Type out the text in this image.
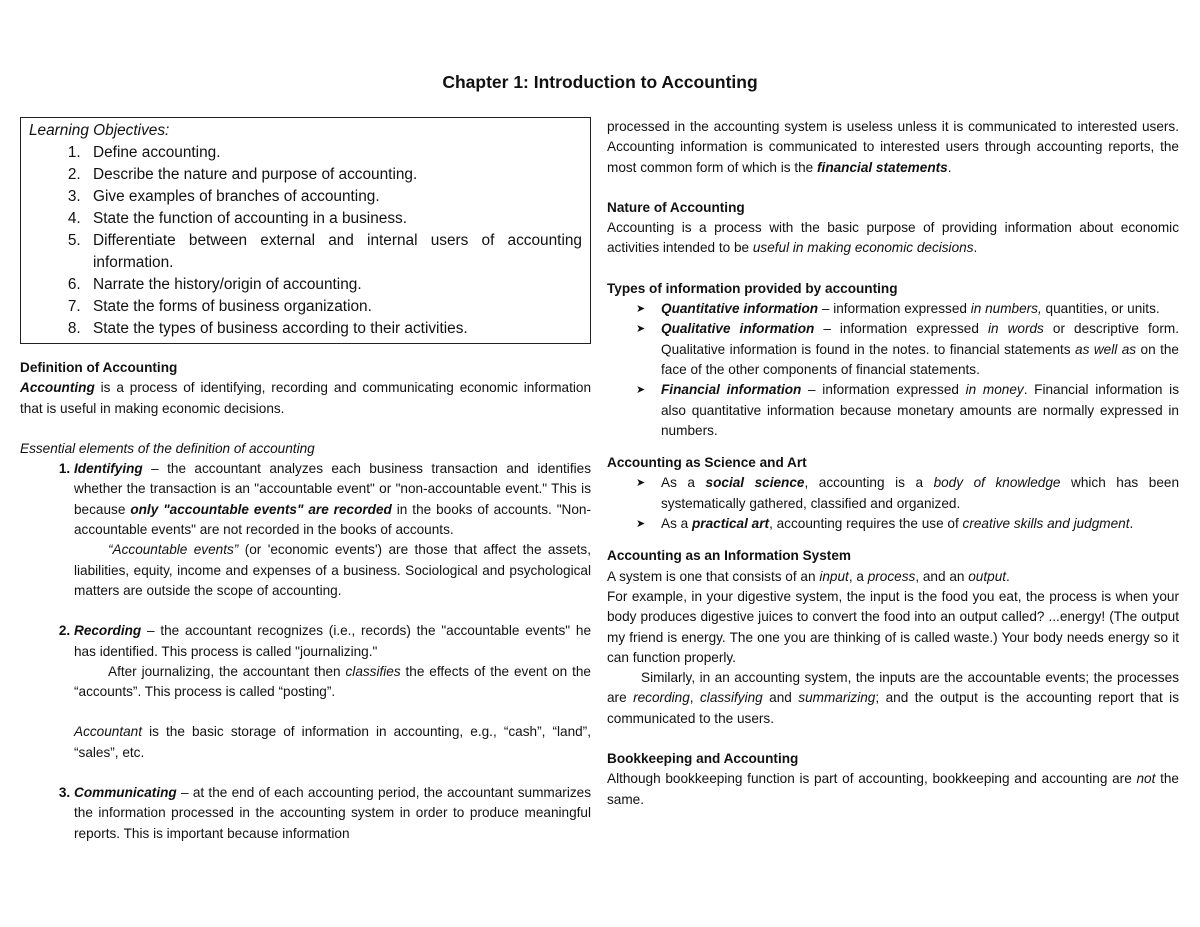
Chapter 1: Introduction to Accounting
Learning Objectives:
1. Define accounting.
2. Describe the nature and purpose of accounting.
3. Give examples of branches of accounting.
4. State the function of accounting in a business.
5. Differentiate between external and internal users of accounting information.
6. Narrate the history/origin of accounting.
7. State the forms of business organization.
8. State the types of business according to their activities.

Definition of Accounting

Accounting is a process of identifying, recording and communicating economic information that is useful in making economic decisions.

Essential elements of the definition of accounting

1. Identifying – the accountant analyzes each business transaction and identifies whether the transaction is an "accountable event" or "non-accountable event." This is because only "accountable events" are recorded in the books of accounts. "Non-accountable events" are not recorded in the books of accounts.

“Accountable events” (or 'economic events') are those that affect the assets, liabilities, equity, income and expenses of a business. Sociological and psychological matters are outside the scope of accounting.

2. Recording – the accountant recognizes (i.e., records) the "accountable events" he has identified. This process is called "journalizing."

After journalizing, the accountant then classifies the effects of the event on the “accounts”. This process is called “posting”.

Accountant is the basic storage of information in accounting, e.g., “cash”, “land”, “sales”, etc.

3. Communicating – at the end of each accounting period, the accountant summarizes the information processed in the accounting system in order to produce meaningful reports. This is important because information

processed in the accounting system is useless unless it is communicated to interested users. Accounting information is communicated to interested users through accounting reports, the most common form of which is the financial statements.

Nature of Accounting

Accounting is a process with the basic purpose of providing information about economic activities intended to be useful in making economic decisions.

Types of information provided by accounting

➤ Quantitative information – information expressed in numbers, quantities, or units.
➤ Qualitative information – information expressed in words or descriptive form. Qualitative information is found in the notes. to financial statements as well as on the face of the other components of financial statements.
➤ Financial information – information expressed in money. Financial information is also quantitative information because monetary amounts are normally expressed in numbers.

Accounting as Science and Art

➤ As a social science, accounting is a body of knowledge which has been systematically gathered, classified and organized.
➤ As a practical art, accounting requires the use of creative skills and judgment.

Accounting as an Information System

A system is one that consists of an input, a process, and an output.

For example, in your digestive system, the input is the food you eat, the process is when your body produces digestive juices to convert the food into an output called? ...energy! (The output my friend is energy. The one you are thinking of is called waste.) Your body needs energy so it can function properly.

Similarly, in an accounting system, the inputs are the accountable events; the processes are recording, classifying and summarizing; and the output is the accounting report that is communicated to the users.

Bookkeeping and Accounting

Although bookkeeping function is part of accounting, bookkeeping and accounting are not the same.
